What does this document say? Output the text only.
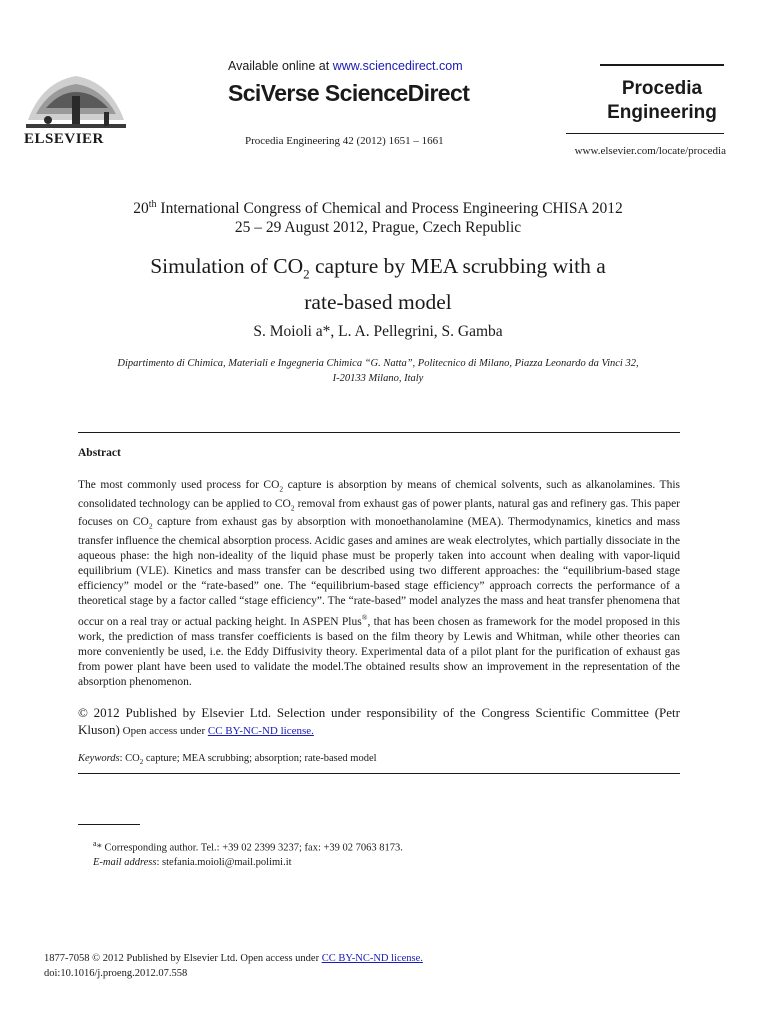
ELSEVIER
Available online at www.sciencedirect.com
SciVerse ScienceDirect
Procedia Engineering 42 (2012) 1651 – 1661
Procedia
Engineering
www.elsevier.com/locate/procedia
20th International Congress of Chemical and Process Engineering CHISA 2012
25 – 29 August 2012, Prague, Czech Republic
Simulation of $CO_2$ capture by MEA scrubbing with a
rate-based model
S. Moioli a*, L. A. Pellegrini, S. Gamba
Dipartimento di Chimica, Materiali e Ingegneria Chimica “G. Natta”, Politecnico di Milano, Piazza Leonardo da Vinci 32,
I-20133 Milano, Italy
Abstract
The most commonly used process for $CO_2$ capture is absorption by means of chemical solvents, such as alkanolamines. This consolidated technology can be applied to $CO_2$ removal from exhaust gas of power plants, natural gas and refinery gas. This paper focuses on $CO_2$ capture from exhaust gas by absorption with monoethanolamine (MEA). Thermodynamics, kinetics and mass transfer influence the chemical absorption process. Acidic gases and amines are weak electrolytes, which partially dissociate in the aqueous phase: the high non-ideality of the liquid phase must be properly taken into account when dealing with vapor-liquid equilibrium (VLE). Kinetics and mass transfer can be described using two different approaches: the “equilibrium-based stage efficiency” model or the “rate-based” one. The “equilibrium-based stage efficiency” approach corrects the performance of a theoretical stage by a factor called “stage efficiency”. The “rate-based” model analyzes the mass and heat transfer phenomena that occur on a real tray or actual packing height. In ASPEN Plus®, that has been chosen as framework for the model proposed in this work, the prediction of mass transfer coefficients is based on the film theory by Lewis and Whitman, while other theories can more conveniently be used, i.e. the Eddy Diffusivity theory. Experimental data of a pilot plant for the purification of exhaust gas from power plant have been used to validate the model.The obtained results show an improvement in the representation of the absorption phenomenon.
© 2012 Published by Elsevier Ltd. Selection under responsibility of the Congress Scientific Committee (Petr Kluson) Open access under CC BY-NC-ND license.
Keywords: $CO_2$ capture; MEA scrubbing; absorption; rate-based model
$^a$* Corresponding author. Tel.: +39 02 2399 3237; fax: +39 02 7063 8173.
E-mail address: stefania.moioli@mail.polimi.it
1877-7058 © 2012 Published by Elsevier Ltd. Open access under CC BY-NC-ND license.
doi:10.1016/j.proeng.2012.07.558
